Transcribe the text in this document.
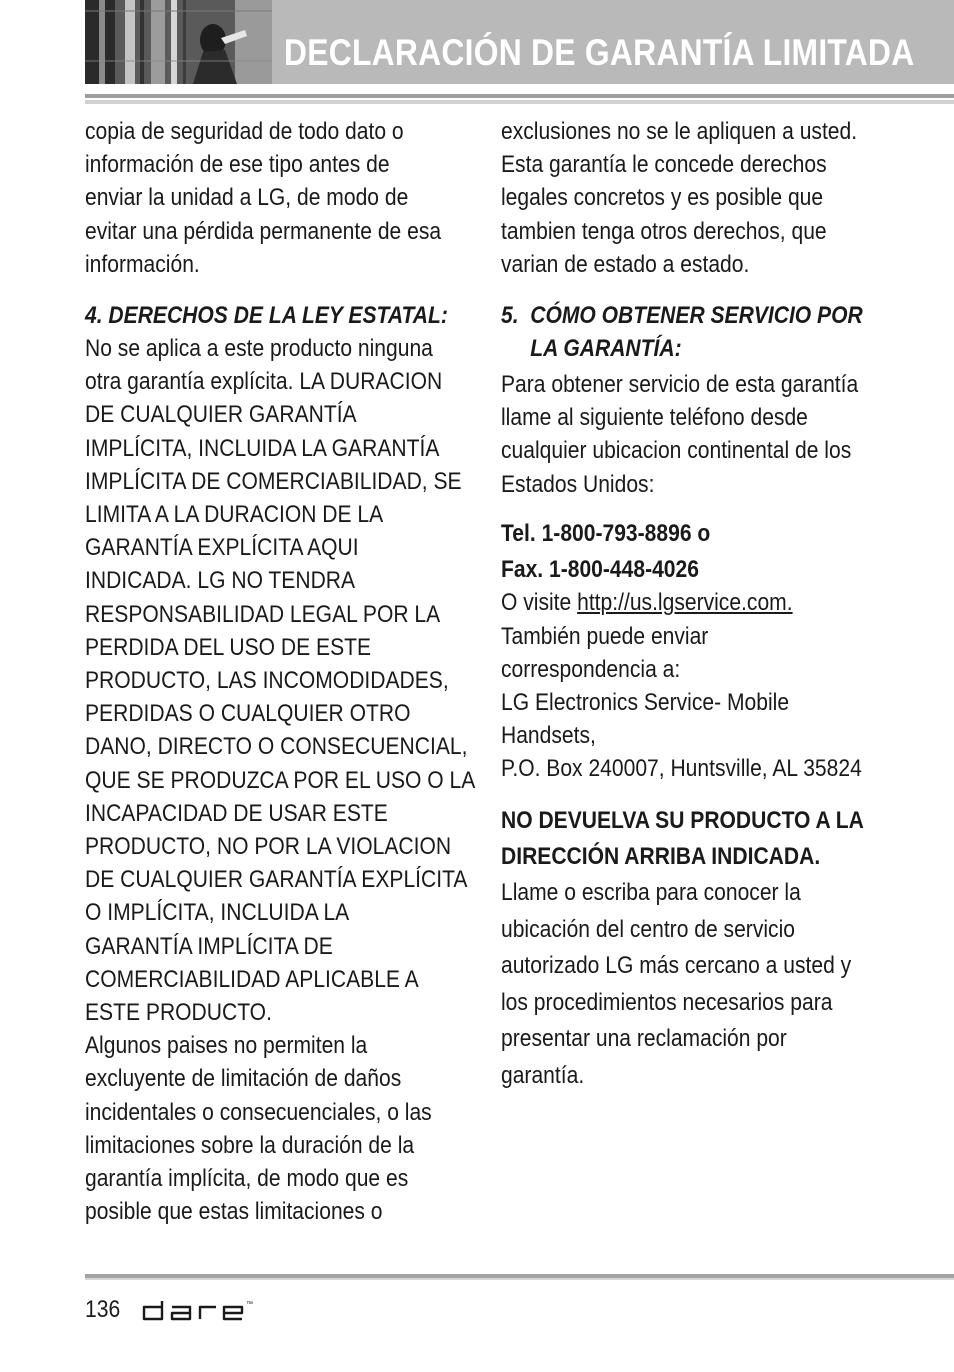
DECLARACIÓN DE GARANTÍA LIMITADA
copia de seguridad de todo dato o
información de ese tipo antes de
enviar la unidad a LG, de modo de
evitar una pérdida permanente de esa
información.
4. DERECHOS DE LA LEY ESTATAL:
No se aplica a este producto ninguna
otra garantía explícita. LA DURACION
DE CUALQUIER GARANTÍA
IMPLÍCITA, INCLUIDA LA GARANTÍA
IMPLÍCITA DE COMERCIABILIDAD, SE
LIMITA A LA DURACION DE LA
GARANTÍA EXPLÍCITA AQUI
INDICADA. LG NO TENDRA
RESPONSABILIDAD LEGAL POR LA
PERDIDA DEL USO DE ESTE
PRODUCTO, LAS INCOMODIDADES,
PERDIDAS O CUALQUIER OTRO
DANO, DIRECTO O CONSECUENCIAL,
QUE SE PRODUZCA POR EL USO O LA
INCAPACIDAD DE USAR ESTE
PRODUCTO, NO POR LA VIOLACION
DE CUALQUIER GARANTÍA EXPLÍCITA
O IMPLÍCITA, INCLUIDA LA
GARANTÍA IMPLÍCITA DE
COMERCIABILIDAD APLICABLE A
ESTE PRODUCTO.
Algunos paises no permiten la
excluyente de limitación de daños
incidentales o consecuenciales, o las
limitaciones sobre la duración de la
garantía implícita, de modo que es
posible que estas limitaciones o
exclusiones no se le apliquen a usted.
Esta garantía le concede derechos
legales concretos y es posible que
tambien tenga otros derechos, que
varian de estado a estado.
5. CÓMO OBTENER SERVICIO POR
LA GARANTÍA:
Para obtener servicio de esta garantía
llame al siguiente teléfono desde
cualquier ubicacion continental de los
Estados Unidos:
Tel. 1-800-793-8896 o
Fax. 1-800-448-4026
O visite http://us.lgservice.com.
También puede enviar
correspondencia a:
LG Electronics Service- Mobile
Handsets,
P.O. Box 240007, Huntsville, AL 35824
NO DEVUELVA SU PRODUCTO A LA
DIRECCIÓN ARRIBA INDICADA.
Llame o escriba para conocer la
ubicación del centro de servicio
autorizado LG más cercano a usted y
los procedimientos necesarios para
presentar una reclamación por
garantía.
136	™
